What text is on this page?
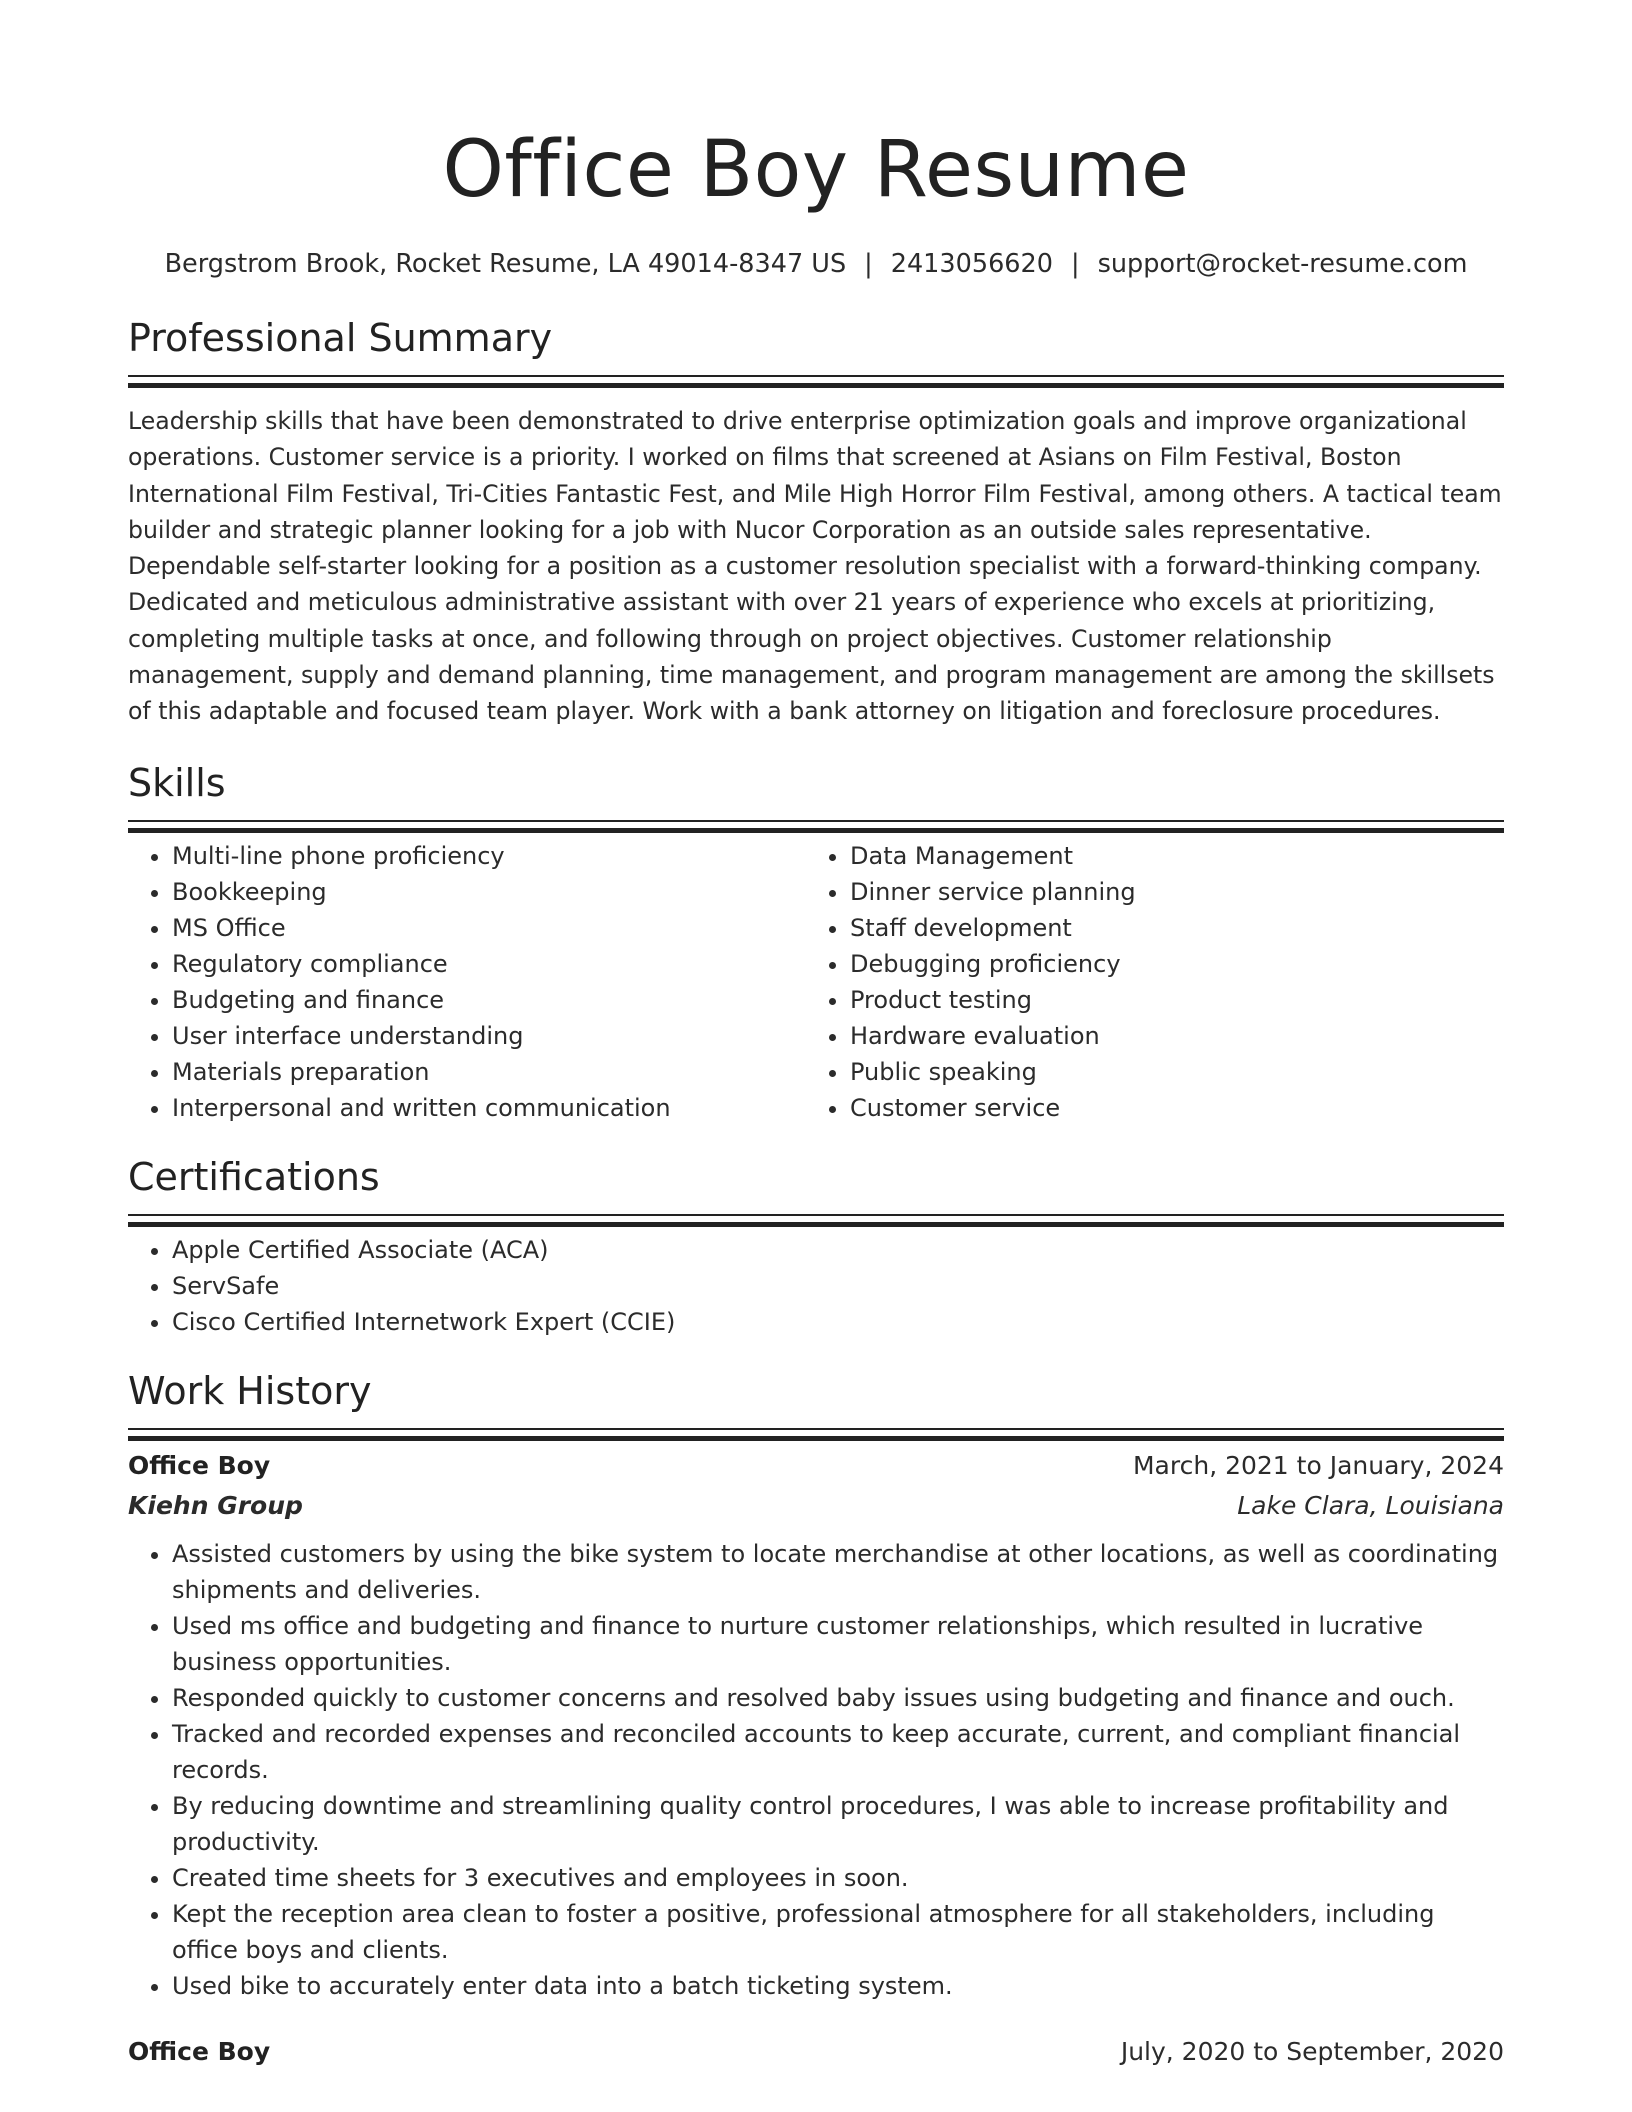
Office Boy Resume
Bergstrom Brook, Rocket Resume, LA 49014-8347 US | 2413056620 | support@rocket-resume.com
Professional Summary

Leadership skills that have been demonstrated to drive enterprise optimization goals and improve organizational operations. Customer service is a priority. I worked on films that screened at Asians on Film Festival, Boston International Film Festival, Tri-Cities Fantastic Fest, and Mile High Horror Film Festival, among others. A tactical team builder and strategic planner looking for a job with Nucor Corporation as an outside sales representative. Dependable self-starter looking for a position as a customer resolution specialist with a forward-thinking company. Dedicated and meticulous administrative assistant with over 21 years of experience who excels at prioritizing, completing multiple tasks at once, and following through on project objectives. Customer relationship management, supply and demand planning, time management, and program management are among the skillsets of this adaptable and focused team player. Work with a bank attorney on litigation and foreclosure procedures.

Skills
• Multi-line phone proficiency
• Bookkeeping
• MS Office
• Regulatory compliance
• Budgeting and finance
• User interface understanding
• Materials preparation
• Interpersonal and written communication
• Data Management
• Dinner service planning
• Staff development
• Debugging proficiency
• Product testing
• Hardware evaluation
• Public speaking
• Customer service
Certifications
• Apple Certified Associate (ACA)
• ServSafe
• Cisco Certified Internetwork Expert (CCIE)
Work History
Office Boy	March, 2021 to January, 2024
Kiehn Group	Lake Clara, Louisiana
• Assisted customers by using the bike system to locate merchandise at other locations, as well as coordinating shipments and deliveries.
• Used ms office and budgeting and finance to nurture customer relationships, which resulted in lucrative business opportunities.
• Responded quickly to customer concerns and resolved baby issues using budgeting and finance and ouch.
• Tracked and recorded expenses and reconciled accounts to keep accurate, current, and compliant financial records.
• By reducing downtime and streamlining quality control procedures, I was able to increase profitability and productivity.
• Created time sheets for 3 executives and employees in soon.
• Kept the reception area clean to foster a positive, professional atmosphere for all stakeholders, including office boys and clients.
• Used bike to accurately enter data into a batch ticketing system.
Office Boy	July, 2020 to September, 2020
